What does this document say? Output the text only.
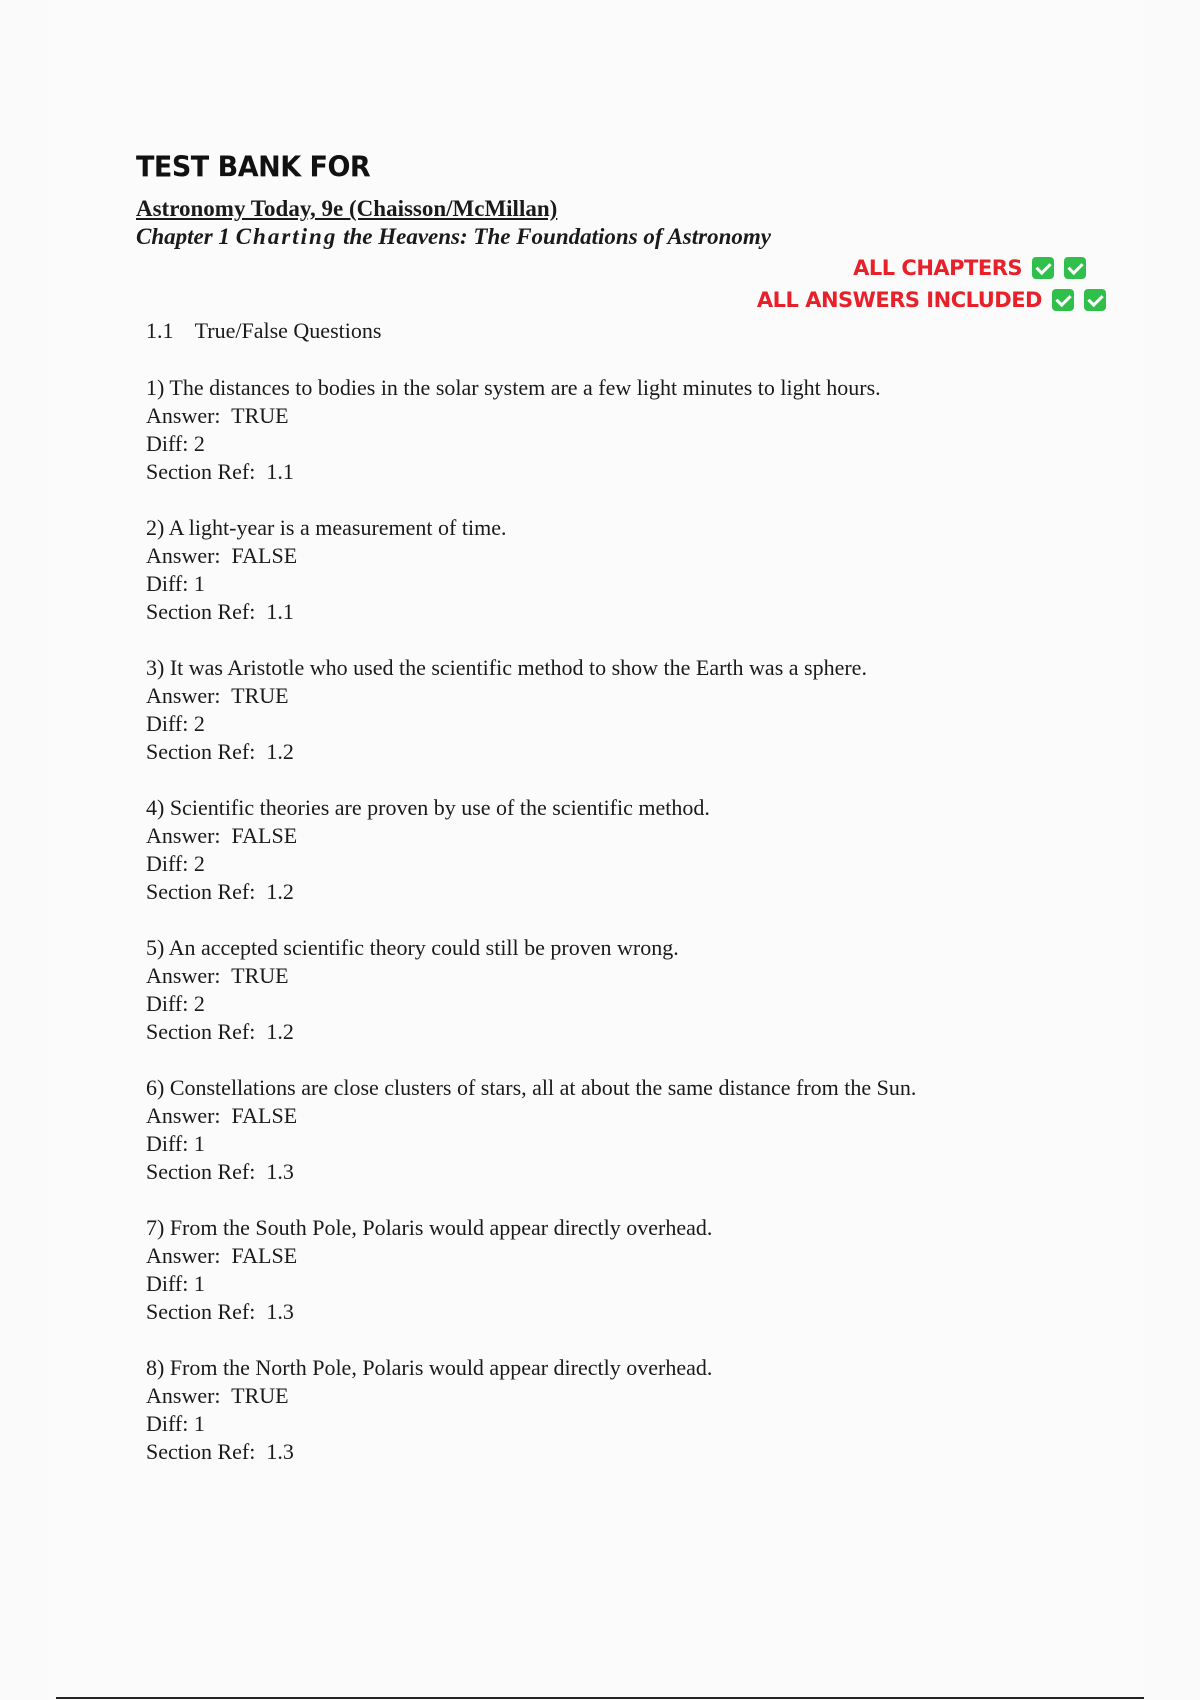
TEST BANK FOR
Astronomy Today, 9e (Chaisson/McMillan)
Chapter 1 Charting the Heavens: The Foundations of Astronomy
ALL CHAPTERS
ALL ANSWERS INCLUDED
1.1 True/False Questions
1) The distances to bodies in the solar system are a few light minutes to light hours.
Answer:  TRUE
Diff: 2
Section Ref:  1.1
2) A light-year is a measurement of time.
Answer:  FALSE
Diff: 1
Section Ref:  1.1
3) It was Aristotle who used the scientific method to show the Earth was a sphere.
Answer:  TRUE
Diff: 2
Section Ref:  1.2
4) Scientific theories are proven by use of the scientific method.
Answer:  FALSE
Diff: 2
Section Ref:  1.2
5) An accepted scientific theory could still be proven wrong.
Answer:  TRUE
Diff: 2
Section Ref:  1.2
6) Constellations are close clusters of stars, all at about the same distance from the Sun.
Answer:  FALSE
Diff: 1
Section Ref:  1.3
7) From the South Pole, Polaris would appear directly overhead.
Answer:  FALSE
Diff: 1
Section Ref:  1.3
8) From the North Pole, Polaris would appear directly overhead.
Answer:  TRUE
Diff: 1
Section Ref:  1.3
